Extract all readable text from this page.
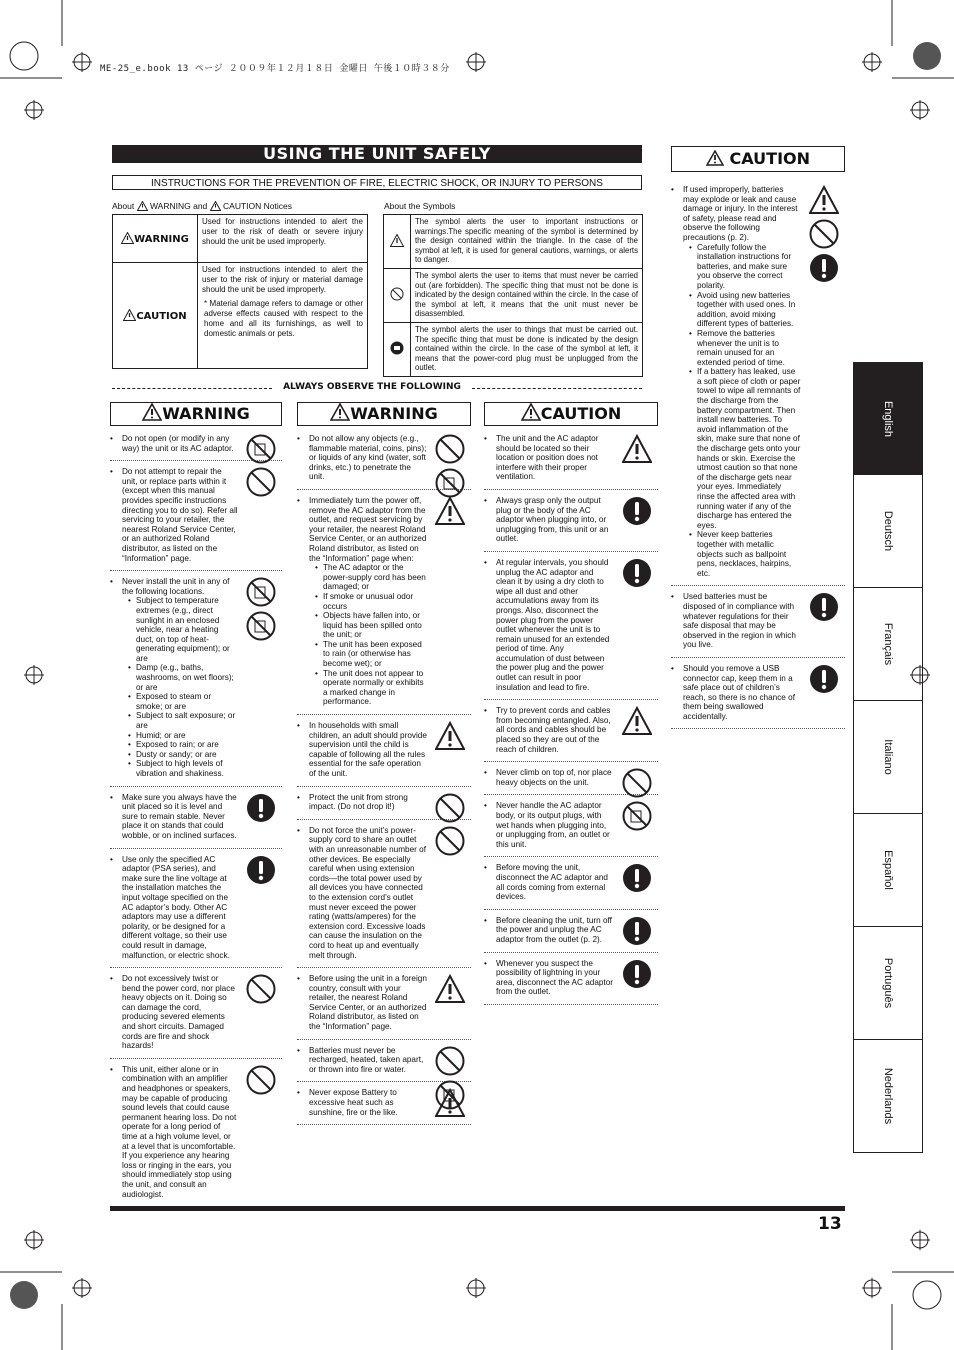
ME-25_e.book 13 ページ ２００９年１２月１８日 金曜日 午後１０時３８分
USING THE UNIT SAFELY
INSTRUCTIONS FOR THE PREVENTION OF FIRE, ELECTRIC SHOCK, OR INJURY TO PERSONS
CAUTION
About WARNING and CAUTION Notices
WARNING	Used for instructions intended to alert the user to the risk of death or severe injury should the unit be used improperly.
CAUTION	Used for instructions intended to alert the user to the risk of injury or material damage should the unit be used improperly.
* Material damage refers to damage or other adverse effects caused with respect to the home and all its furnishings, as well to domestic animals or pets.
About the Symbols
	The symbol alerts the user to important instructions or warnings.The specific meaning of the symbol is determined by the design contained within the triangle. In the case of the symbol at left, it is used for general cautions, warnings, or alerts to danger.
	The symbol alerts the user to items that must never be carried out (are forbidden). The specific thing that must not be done is indicated by the design contained within the circle. In the case of the symbol at left, it means that the unit must never be disassembled.
	The symbol alerts the user to things that must be carried out. The specific thing that must be done is indicated by the design contained within the circle. In the case of the symbol at left, it means that the power-cord plug must be unplugged from the outlet.
ALWAYS OBSERVE THE FOLLOWING
WARNING
• Do not open (or modify in any way) the unit or its AC adaptor.
• Do not attempt to repair the unit, or replace parts within it (except when this manual provides specific instructions directing you to do so). Refer all servicing to your retailer, the nearest Roland Service Center, or an authorized Roland distributor, as listed on the “Information” page.
• Never install the unit in any of the following locations.
• Subject to temperature extremes (e.g., direct sunlight in an enclosed vehicle, near a heating duct, on top of heat-generating equipment); or are
• Damp (e.g., baths, washrooms, on wet floors); or are
• Exposed to steam or smoke; or are
• Subject to salt exposure; or are
• Humid; or are
• Exposed to rain; or are
• Dusty or sandy; or are
• Subject to high levels of vibration and shakiness.
• Make sure you always have the unit placed so it is level and sure to remain stable. Never place it on stands that could wobble, or on inclined surfaces.
• Use only the specified AC adaptor (PSA series), and make sure the line voltage at the installation matches the input voltage specified on the AC adaptor’s body. Other AC adaptors may use a different polarity, or be designed for a different voltage, so their use could result in damage, malfunction, or electric shock.
• Do not excessively twist or bend the power cord, nor place heavy objects on it. Doing so can damage the cord, producing severed elements and short circuits. Damaged cords are fire and shock hazards!
• This unit, either alone or in combination with an amplifier and headphones or speakers, may be capable of producing sound levels that could cause permanent hearing loss. Do not operate for a long period of time at a high volume level, or at a level that is uncomfortable. If you experience any hearing loss or ringing in the ears, you should immediately stop using the unit, and consult an audiologist.
WARNING
• Do not allow any objects (e.g., flammable material, coins, pins); or liquids of any kind (water, soft drinks, etc.) to penetrate the unit.
• Immediately turn the power off, remove the AC adaptor from the outlet, and request servicing by your retailer, the nearest Roland Service Center, or an authorized Roland distributor, as listed on the “Information” page when:
• The AC adaptor or the power-supply cord has been damaged; or
• If smoke or unusual odor occurs
• Objects have fallen into, or liquid has been spilled onto the unit; or
• The unit has been exposed to rain (or otherwise has become wet); or
• The unit does not appear to operate normally or exhibits a marked change in performance.
• In households with small children, an adult should provide supervision until the child is capable of following all the rules essential for the safe operation of the unit.
• Protect the unit from strong impact. (Do not drop it!)
• Do not force the unit’s power-supply cord to share an outlet with an unreasonable number of other devices. Be especially careful when using extension cords—the total power used by all devices you have connected to the extension cord’s outlet must never exceed the power rating (watts/amperes) for the extension cord. Excessive loads can cause the insulation on the cord to heat up and eventually melt through.
• Before using the unit in a foreign country, consult with your retailer, the nearest Roland Service Center, or an authorized Roland distributor, as listed on the “Information” page.
• Batteries must never be recharged, heated, taken apart, or thrown into fire or water.
• Never expose Battery to excessive heat such as sunshine, fire or the like.
CAUTION
• The unit and the AC adaptor should be located so their location or position does not interfere with their proper ventilation.
• Always grasp only the output plug or the body of the AC adaptor when plugging into, or unplugging from, this unit or an outlet.
• At regular intervals, you should unplug the AC adaptor and clean it by using a dry cloth to wipe all dust and other accumulations away from its prongs. Also, disconnect the power plug from the power outlet whenever the unit is to remain unused for an extended period of time. Any accumulation of dust between the power plug and the power outlet can result in poor insulation and lead to fire.
• Try to prevent cords and cables from becoming entangled. Also, all cords and cables should be placed so they are out of the reach of children.
• Never climb on top of, nor place heavy objects on the unit.
• Never handle the AC adaptor body, or its output plugs, with wet hands when plugging into, or unplugging from, an outlet or this unit.
• Before moving the unit, disconnect the AC adaptor and all cords coming from external devices.
• Before cleaning the unit, turn off the power and unplug the AC adaptor from the outlet (p. 2).
• Whenever you suspect the possibility of lightning in your area, disconnect the AC adaptor from the outlet.
• If used improperly, batteries may explode or leak and cause damage or injury. In the interest of safety, please read and observe the following precautions (p. 2).
• Carefully follow the installation instructions for batteries, and make sure you observe the correct polarity.
• Avoid using new batteries together with used ones. In addition, avoid mixing different types of batteries.
• Remove the batteries whenever the unit is to remain unused for an extended period of time.
• If a battery has leaked, use a soft piece of cloth or paper towel to wipe all remnants of the discharge from the battery compartment. Then install new batteries. To avoid inflammation of the skin, make sure that none of the discharge gets onto your hands or skin. Exercise the utmost caution so that none of the discharge gets near your eyes. Immediately rinse the affected area with running water if any of the discharge has entered the eyes.
• Never keep batteries together with metallic objects such as ballpoint pens, necklaces, hairpins, etc.
• Used batteries must be disposed of in compliance with whatever regulations for their safe disposal that may be observed in the region in which you live.
• Should you remove a USB connector cap, keep them in a safe place out of children’s reach, so there is no chance of them being swallowed accidentally.
English
Deutsch
Français
Italiano
Español
Português
Nederlands
13
